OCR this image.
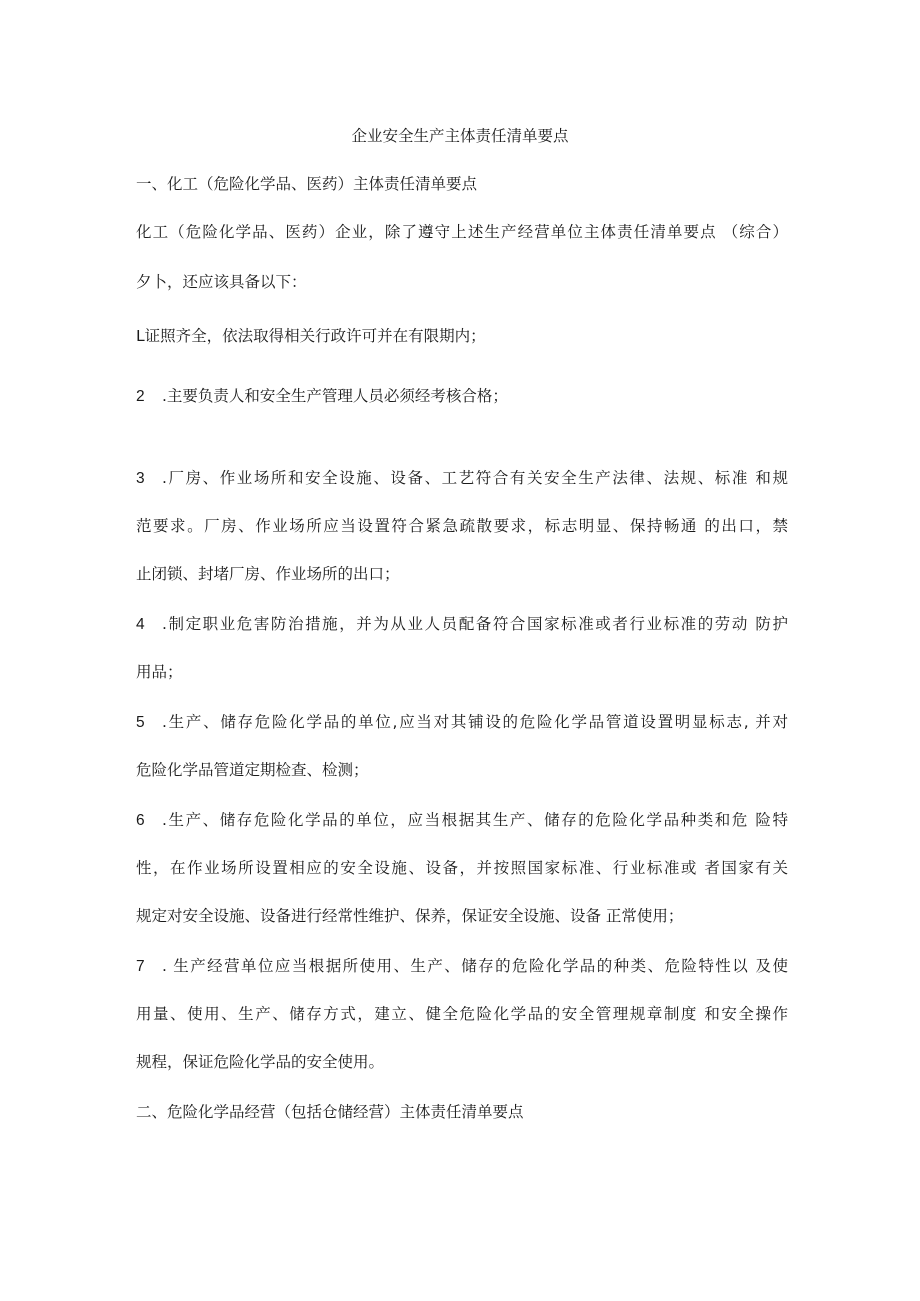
企业安全生产主体责任清单要点
一、化工（危险化学品、医药）主体责任清单要点
化工（危险化学品、医药）企业，除了遵守上述生产经营单位主体责任清单要点 （综合）
夕卜，还应该具备以下：
L证照齐全，依法取得相关行政许可并在有限期内；
2 .主要负责人和安全生产管理人员必须经考核合格；
3 .厂房、作业场所和安全设施、设备、工艺符合有关安全生产法律、法规、标准 和规
范要求。厂房、作业场所应当设置符合紧急疏散要求，标志明显、保持畅通 的出口，禁
止闭锁、封堵厂房、作业场所的出口；
4 .制定职业危害防治措施，并为从业人员配备符合国家标准或者行业标准的劳动 防护
用品；
5 .生产、储存危险化学品的单位,应当对其铺设的危险化学品管道设置明显标志, 并对
危险化学品管道定期检查、检测；
6 .生产、储存危险化学品的单位，应当根据其生产、储存的危险化学品种类和危 险特
性，在作业场所设置相应的安全设施、设备，并按照国家标准、行业标准或 者国家有关
规定对安全设施、设备进行经常性维护、保养，保证安全设施、设备 正常使用；
7 . 生产经营单位应当根据所使用、生产、储存的危险化学品的种类、危险特性以 及使
用量、使用、生产、储存方式，建立、健全危险化学品的安全管理规章制度 和安全操作
规程，保证危险化学品的安全使用。
二、危险化学品经营（包括仓储经营）主体责任清单要点
